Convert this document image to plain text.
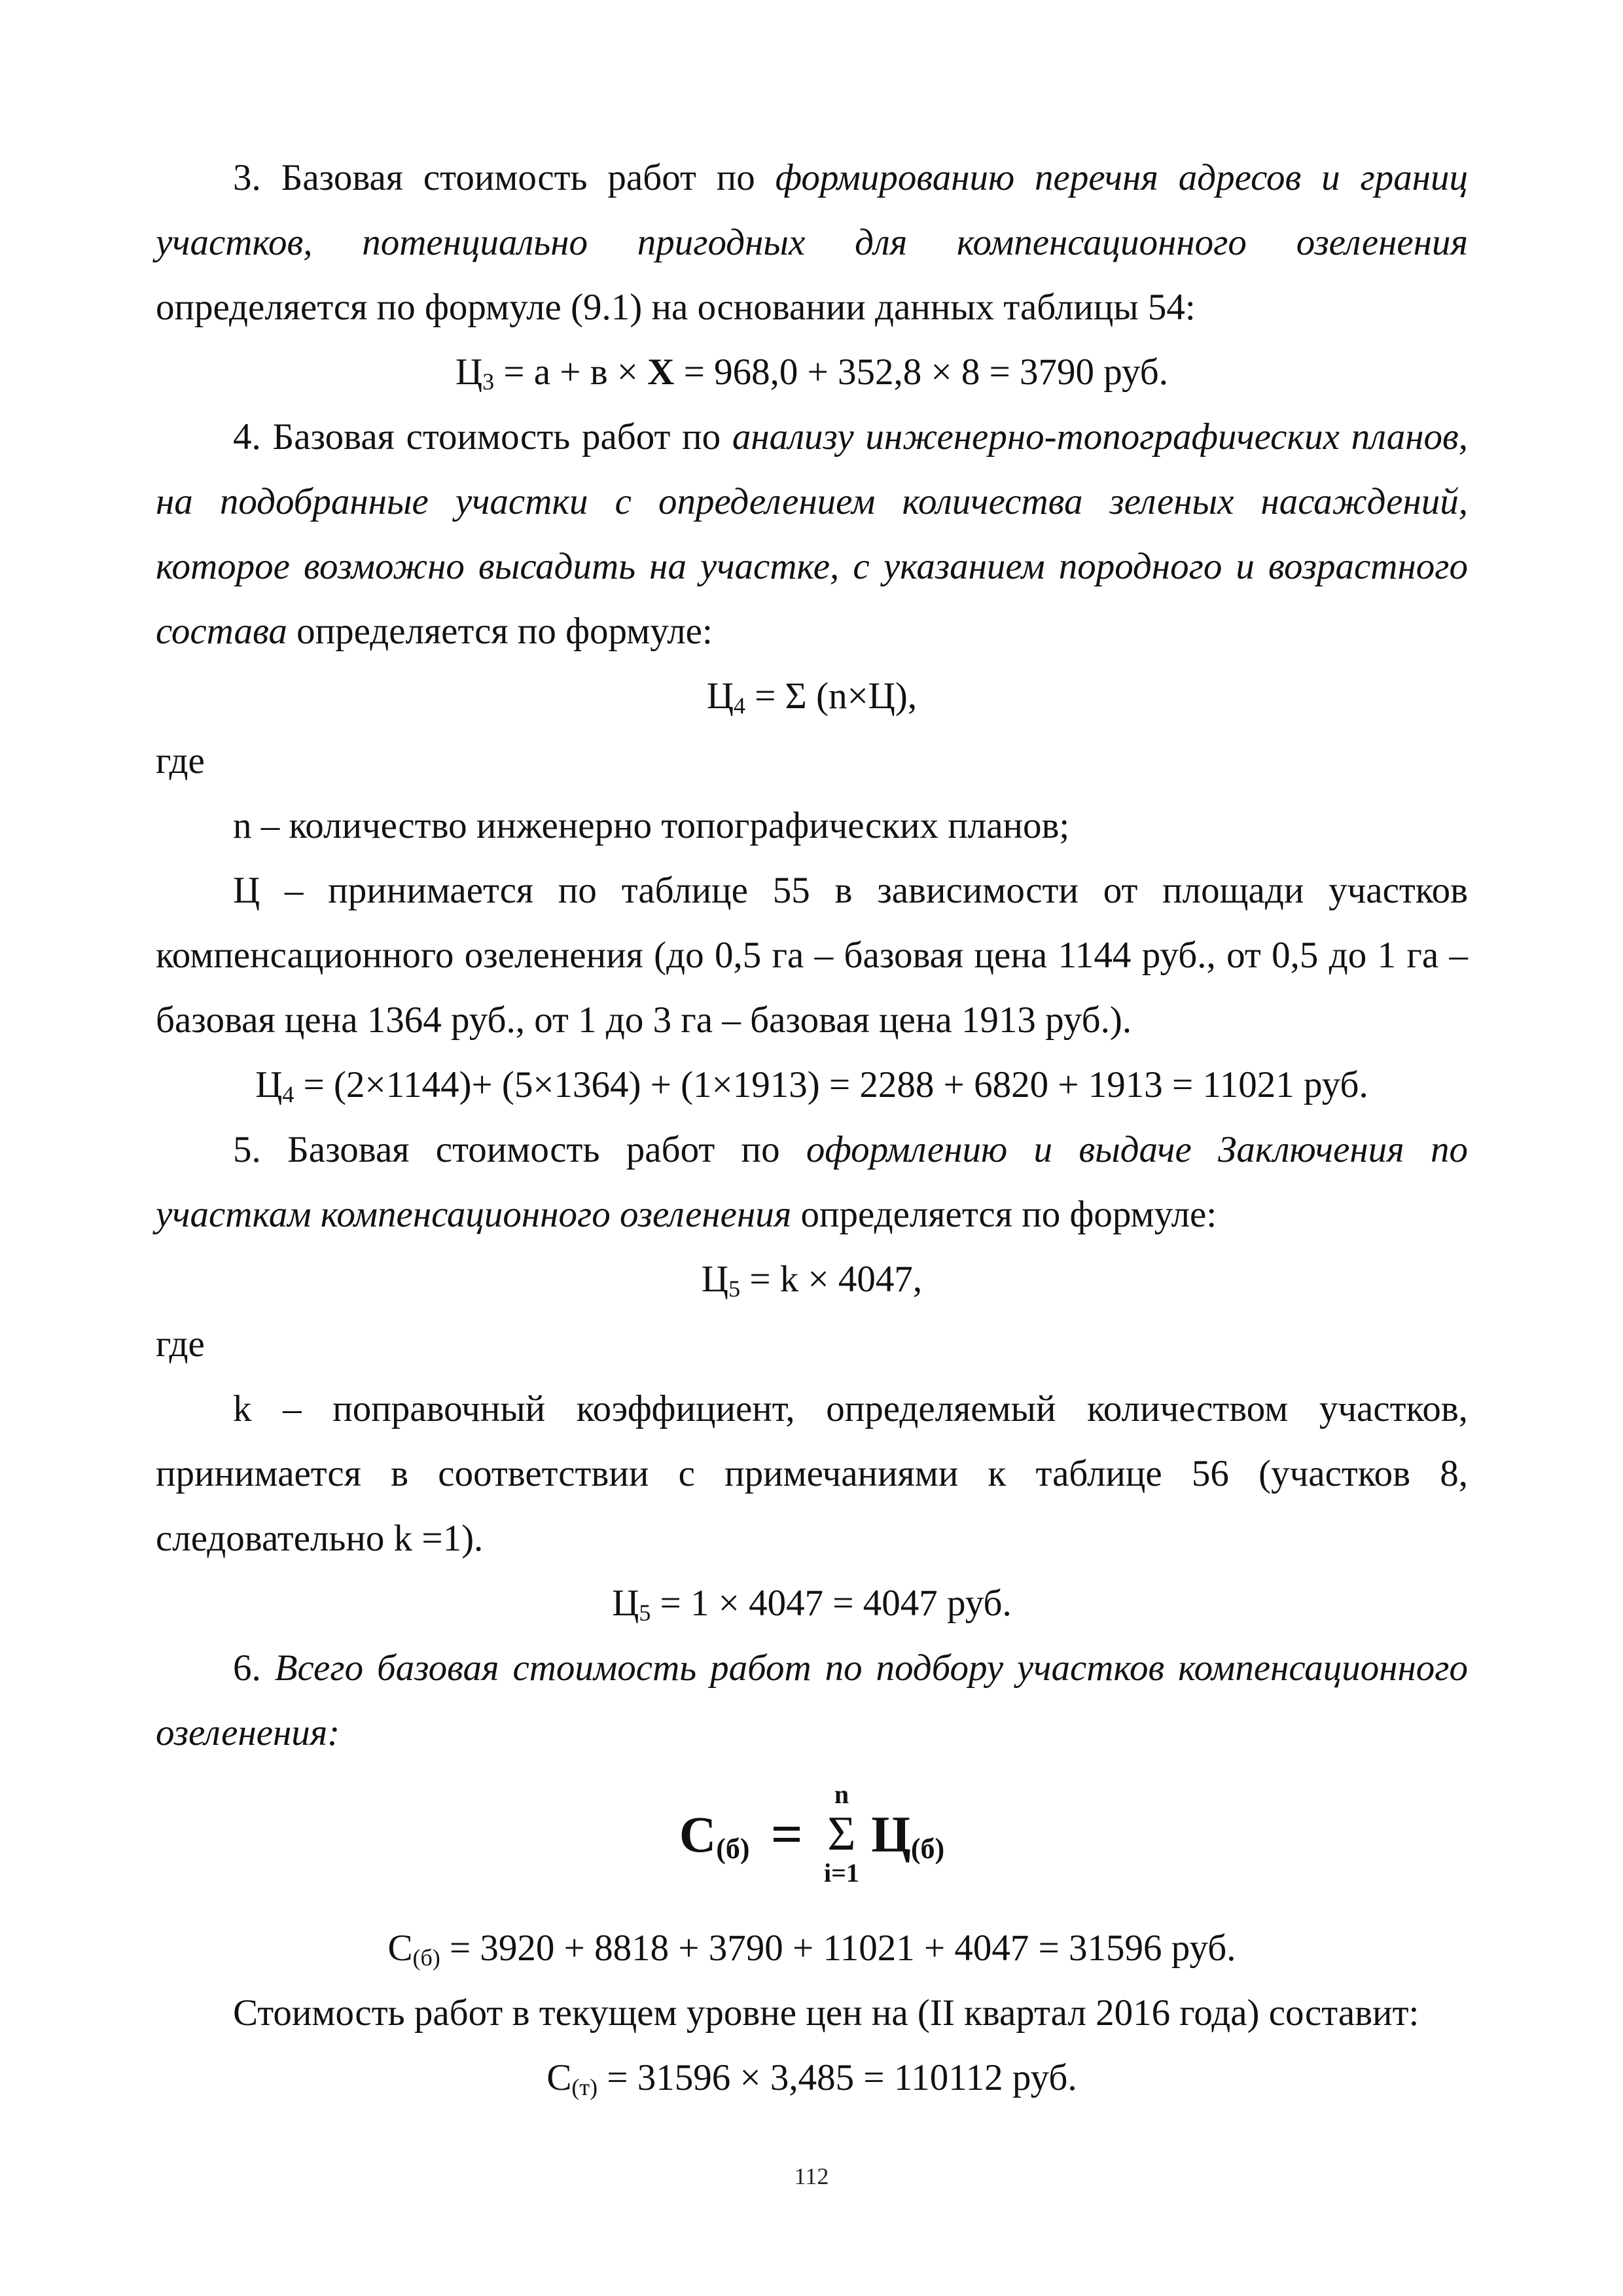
3. Базовая стоимость работ по формированию перечня адресов и границ участков, потенциально пригодных для компенсационного озеленения определяется по формуле (9.1) на основании данных таблицы 54:

$Ц_3 = а + в \times X = 968,0 + 352,8 \times 8 = 3790$ руб.

4. Базовая стоимость работ по анализу инженерно-топографических планов, на подобранные участки с определением количества зеленых насаждений, которое возможно высадить на участке, с указанием породного и возрастного состава определяется по формуле:

$Ц_4 = \Sigma$ (n×Ц),

где

n – количество инженерно топографических планов;

Ц – принимается по таблице 55 в зависимости от площади участков компенсационного озеленения (до 0,5 га – базовая цена 1144 руб., от 0,5 до 1 га – базовая цена 1364 руб., от 1 до 3 га – базовая цена 1913 руб.).

$Ц_4 = (2\times 1144)+ (5\times 1364) + (1\times 1913) = 2288 + 6820 + 1913 = 11021$ руб.

5. Базовая стоимость работ по оформлению и выдаче Заключения по участкам компенсационного озеленения определяется по формуле:

$Ц_5 = k \times 4047$,

где

k – поправочный коэффициент, определяемый количеством участков, принимается в соответствии с примечаниями к таблице 56 (участков 8, следовательно k =1).

$Ц_5 = 1 \times 4047 = 4047$ руб.

6. Всего базовая стоимость работ по подбору участков компенсационного озеленения:

$C_{(б)}$ =
n
Σ
i=1
$Ц_{(б)}$

$С_{(б)} = 3920 + 8818 + 3790 + 11021 + 4047 = 31596$ руб.

Стоимость работ в текущем уровне цен на (II квартал 2016 года) составит:

$С_{(т)} = 31596 \times 3,485 = 110112$ руб.

112
